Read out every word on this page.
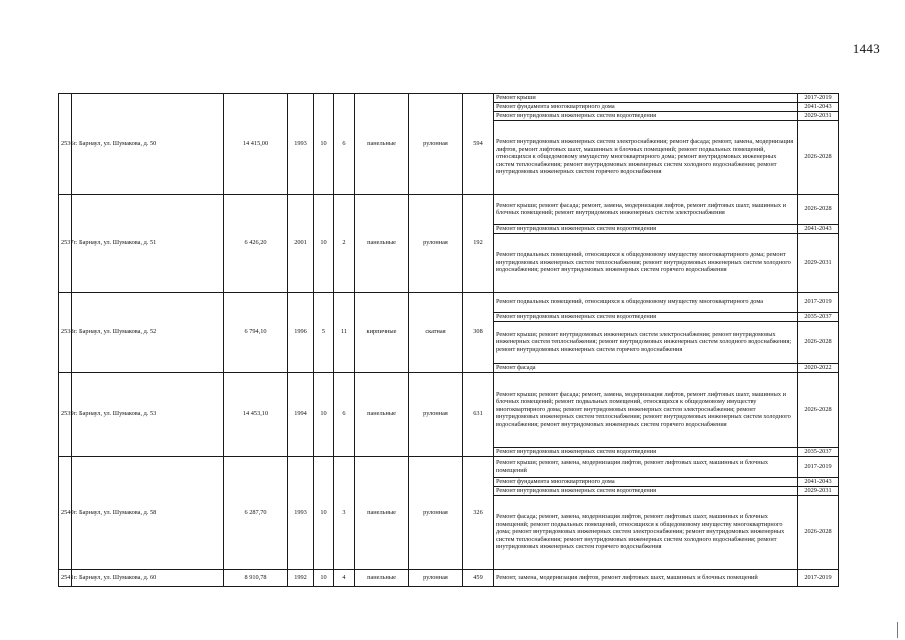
1443
2536	г. Барнаул, ул. Шумакова, д. 50	14 415,00	1993	10	6	панельные	рулонная	594	Ремонт крыши	2017-2019
									Ремонт фундамента многоквартирного дома	2041-2043
									Ремонт внутридомовых инженерных систем водоотведения	2029-2031
									Ремонт внутридомовых инженерных систем электроснабжения; ремонт фасада; ремонт, замена, модернизация лифтов, ремонт лифтовых шахт, машинных и блочных помещений; ремонт подвальных помещений, относящихся к общедомовому имуществу многоквартирного дома; ремонт внутридомовых инженерных систем теплоснабжения; ремонт внутридомовых инженерных систем холодного водоснабжения; ремонт внутридомовых инженерных систем горячего водоснабжения	2026-2028
2537	г. Барнаул, ул. Шумакова, д. 51	6 426,20	2001	10	2	панельные	рулонная	192	Ремонт крыши; ремонт фасада; ремонт, замена, модернизация лифтов, ремонт лифтовых шахт, машинных и блочных помещений; ремонт внутридомовых инженерных систем электроснабжения	2026-2028
									Ремонт внутридомовых инженерных систем водоотведения	2041-2043
									Ремонт подвальных помещений, относящихся к общедомовому имуществу многоквартирного дома; ремонт внутридомовых инженерных систем теплоснабжения; ремонт внутридомовых инженерных систем холодного водоснабжения; ремонт внутридомовых инженерных систем горячего водоснабжения	2029-2031
2538	г. Барнаул, ул. Шумакова, д. 52	6 794,10	1996	5	11	кирпичные	скатная	308	Ремонт подвальных помещений, относящихся к общедомовому имуществу многоквартирного дома	2017-2019
									Ремонт внутридомовых инженерных систем водоотведения	2035-2037
									Ремонт крыши; ремонт внутридомовых инженерных систем электроснабжения; ремонт внутридомовых инженерных систем теплоснабжения; ремонт внутридомовых инженерных систем холодного водоснабжения; ремонт внутридомовых инженерных систем горячего водоснабжения	2026-2028
									Ремонт фасада	2020-2022
2539	г. Барнаул, ул. Шумакова, д. 53	14 453,10	1994	10	6	панельные	рулонная	631	Ремонт крыши; ремонт фасада; ремонт, замена, модернизация лифтов, ремонт лифтовых шахт, машинных и блочных помещений; ремонт подвальных помещений, относящихся к общедомовому имуществу многоквартирного дома; ремонт внутридомовых инженерных систем электроснабжения; ремонт внутридомовых инженерных систем теплоснабжения; ремонт внутридомовых инженерных систем холодного водоснабжения; ремонт внутридомовых инженерных систем горячего водоснабжения	2026-2028
									Ремонт внутридомовых инженерных систем водоотведения	2035-2037
2540	г. Барнаул, ул. Шумакова, д. 58	6 287,70	1993	10	3	панельные	рулонная	326	Ремонт крыши; ремонт, замена, модернизация лифтов, ремонт лифтовых шахт, машинных и блочных помещений	2017-2019
									Ремонт фундамента многоквартирного дома	2041-2043
									Ремонт внутридомовых инженерных систем водоотведения	2029-2031
									Ремонт фасада; ремонт, замена, модернизация лифтов, ремонт лифтовых шахт, машинных и блочных помещений; ремонт подвальных помещений, относящихся к общедомовому имуществу многоквартирного дома; ремонт внутридомовых инженерных систем электроснабжения; ремонт внутридомовых инженерных систем теплоснабжения; ремонт внутридомовых инженерных систем холодного водоснабжения; ремонт внутридомовых инженерных систем горячего водоснабжения	2026-2028
2541	г. Барнаул, ул. Шумакова, д. 60	8 910,78	1992	10	4	панельные	рулонная	459	Ремонт, замена, модернизация лифтов, ремонт лифтовых шахт, машинных и блочных помещений	2017-2019
